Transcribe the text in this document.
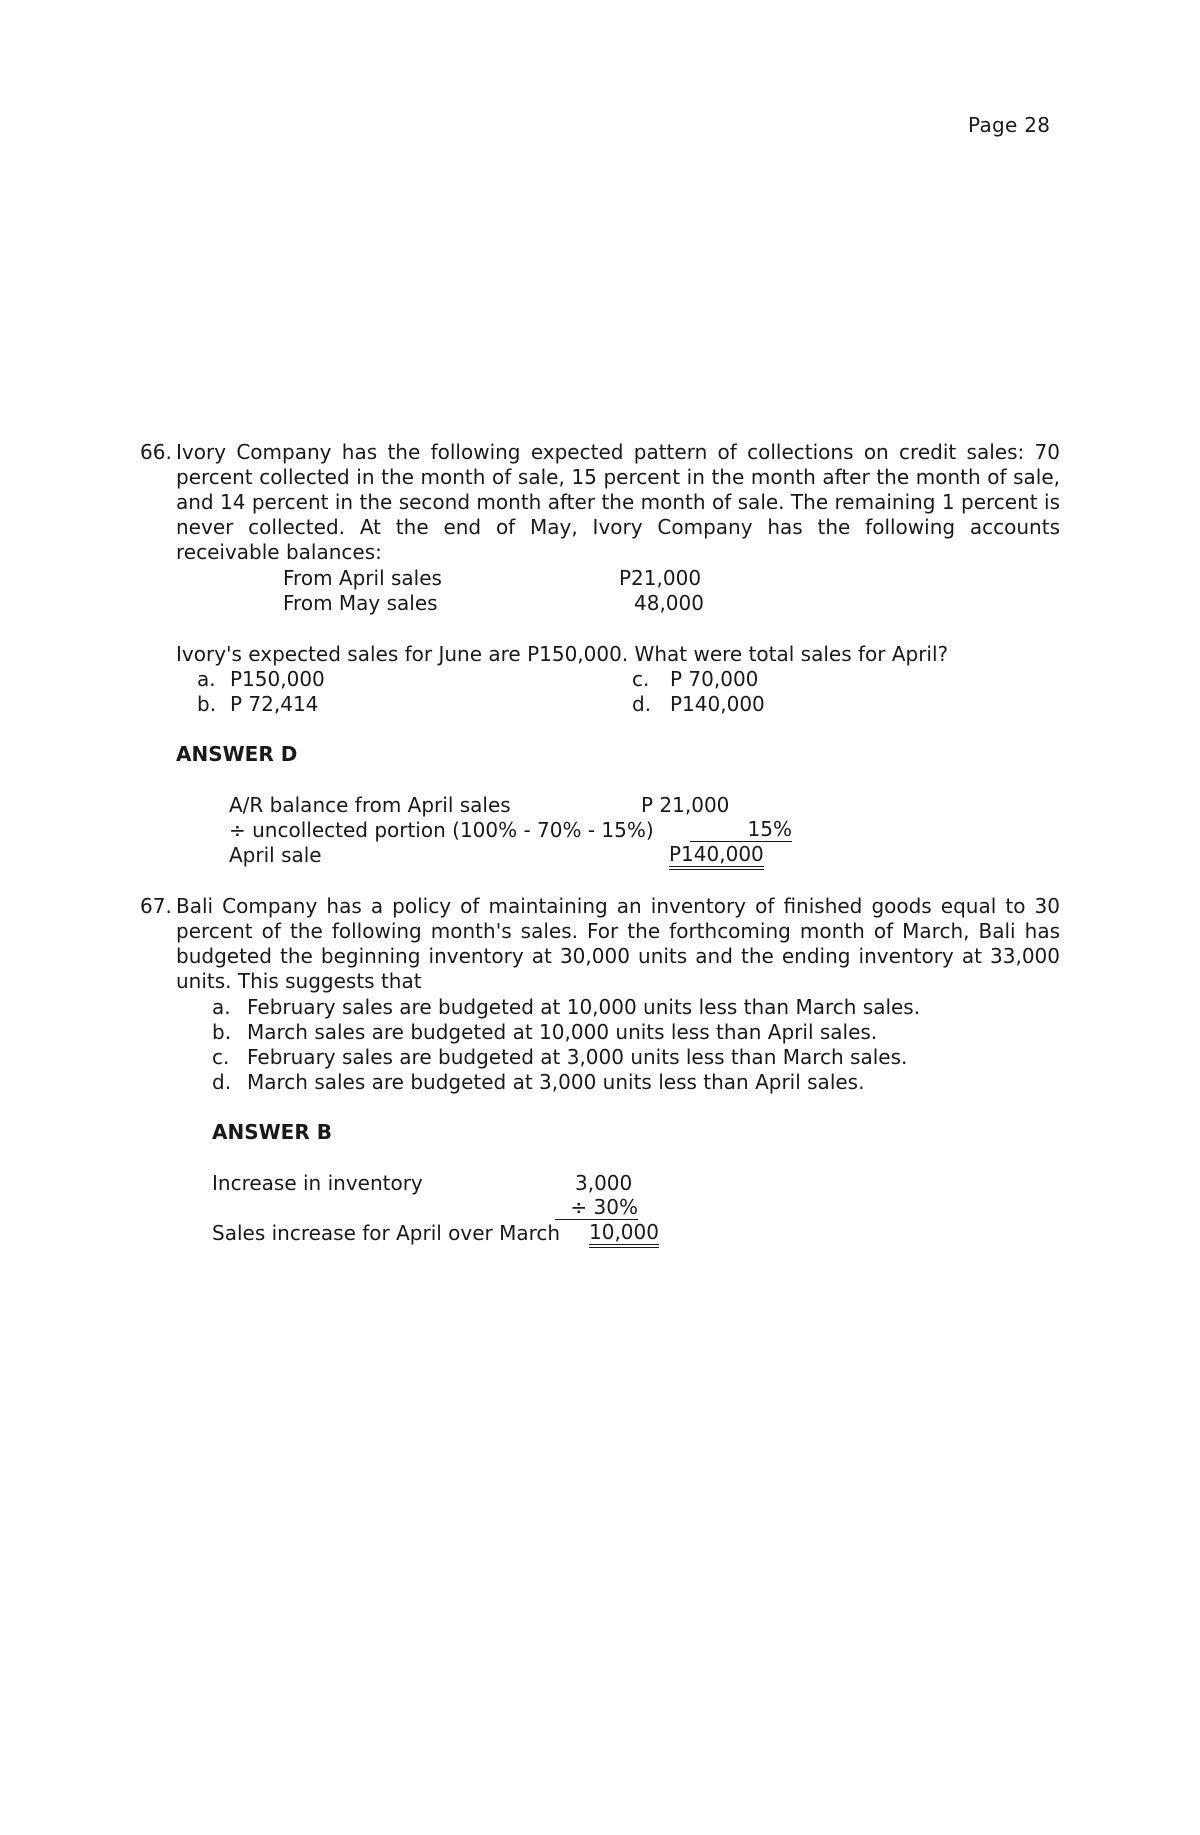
Page 28
66. Ivory Company has the following expected pattern of collections on credit sales: 70 percent collected in the month of sale, 15 percent in the month after the month of sale, and 14 percent in the second month after the month of sale. The remaining 1 percent is never collected. At the end of May, Ivory Company has the following accounts receivable balances:
From April sales	P21,000
From May sales	48,000
Ivory's expected sales for June are P150,000. What were total sales for April?
a. P150,000	c. P 70,000
b. P 72,414	d. P140,000
ANSWER D
A/R balance from April sales	P 21,000
÷ uncollected portion (100% - 70% - 15%)	15%
April sale	P140,000
67. Bali Company has a policy of maintaining an inventory of finished goods equal to 30 percent of the following month's sales. For the forthcoming month of March, Bali has budgeted the beginning inventory at 30,000 units and the ending inventory at 33,000 units. This suggests that
a. February sales are budgeted at 10,000 units less than March sales.
b. March sales are budgeted at 10,000 units less than April sales.
c. February sales are budgeted at 3,000 units less than March sales.
d. March sales are budgeted at 3,000 units less than April sales.
ANSWER B
Increase in inventory	3,000
÷ 30%
Sales increase for April over March 10,000
